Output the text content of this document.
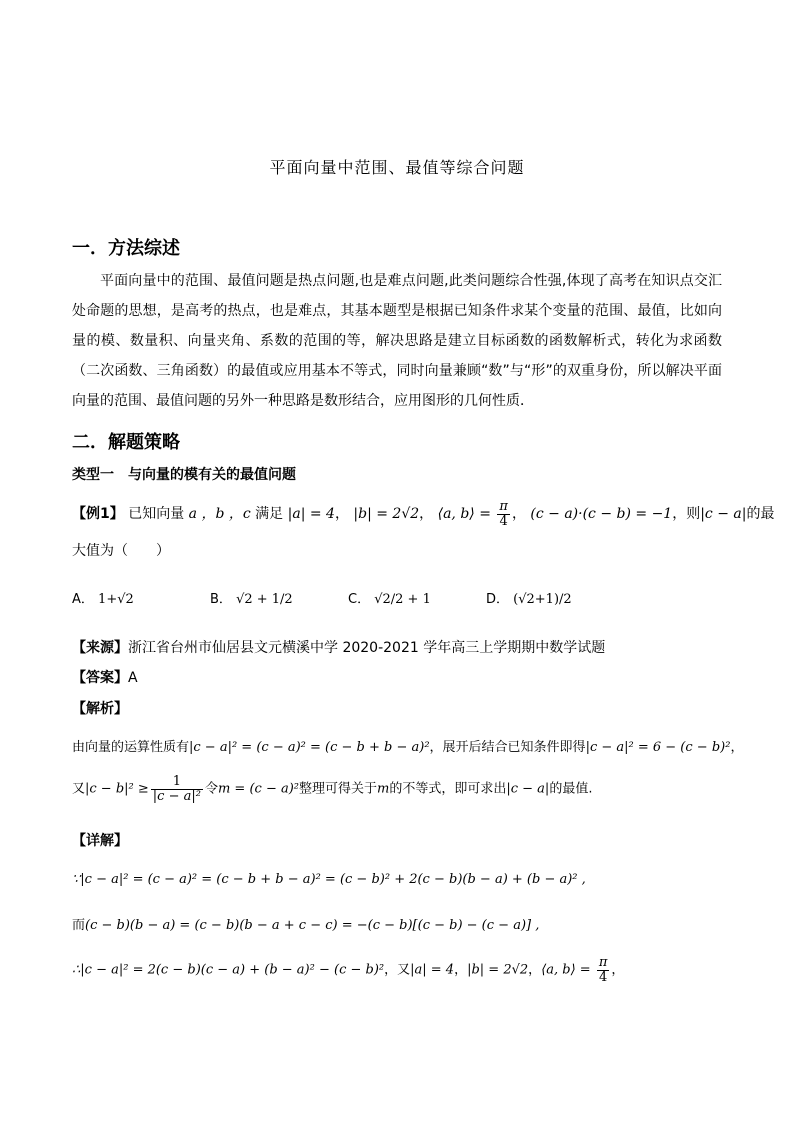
平面向量中范围、最值等综合问题
一．方法综述
平面向量中的范围、最值问题是热点问题,也是难点问题,此类问题综合性强,体现了高考在知识点交汇处命题的思想，是高考的热点，也是难点，其基本题型是根据已知条件求某个变量的范围、最值，比如向量的模、数量积、向量夹角、系数的范围的等，解决思路是建立目标函数的函数解析式，转化为求函数（二次函数、三角函数）的最值或应用基本不等式，同时向量兼顾“数”与“形”的双重身份，所以解决平面向量的范围、最值问题的另外一种思路是数形结合，应用图形的几何性质．
二．解题策略
类型一　与向量的模有关的最值问题
【例1】 已知向量 a ，b ，c 满足 |a| = 4， |b| = 2√2， ⟨a, b⟩ = $\frac{\pi}{4}$ ， (c − a)·(c − b) = −1，则|c − a|的最
大值为（　　）
A． 1+√2	B． √2 + 1/2	C． √2/2 + 1	D． (√2+1)/2
【来源】浙江省台州市仙居县文元横溪中学 2020-2021 学年高三上学期期中数学试题
【答案】A
【解析】
由向量的运算性质有|c − a|² = (c − a)² = (c − b + b − a)²，展开后结合已知条件即得|c − a|² = 6 − (c − b)²，
又$|c - b|^2 \ge \frac{1}{\text{|c − a|²}}$ 令m = (c − a)²整理可得关于m的不等式，即可求出|c − a|的最值.
【详解】
∵|c − a|² = (c − a)² = (c − b + b − a)² = (c − b)² + 2(c − b)(b − a) + (b − a)² ,
而(c − b)(b − a) = (c − b)(b − a + c − c) = −(c − b)[(c − b) − (c − a)] ,
∴|c − a|² = 2(c − b)(c − a) + (b − a)² − (c − b)²，又|a| = 4，|b| = 2√2，⟨a, b⟩ = $\frac{\pi}{4}$ ，
